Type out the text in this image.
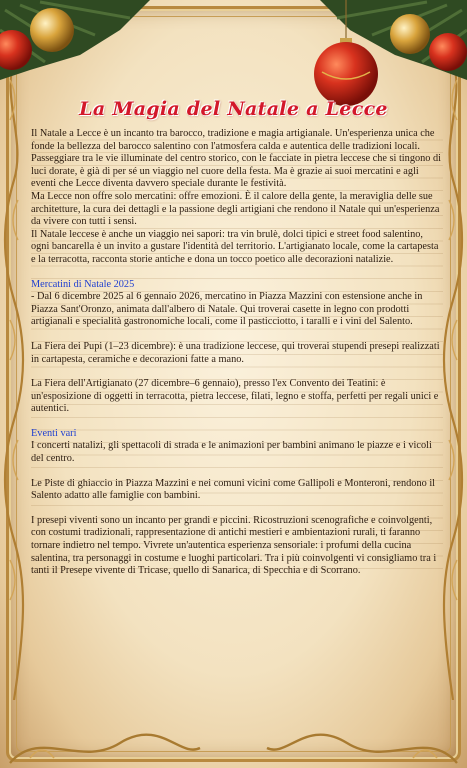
La Magia del Natale a Lecce

Il Natale a Lecce è un incanto tra barocco, tradizione e magia artigianale. Un'esperienza unica che fonde la bellezza del barocco salentino con l'atmosfera calda e autentica delle tradizioni locali.

Passeggiare tra le vie illuminate del centro storico, con le facciate in pietra leccese che si tingono di luci dorate, è già di per sé un viaggio nel cuore della festa. Ma è grazie ai suoi mercatini e agli eventi che Lecce diventa davvero speciale durante le festività.

Ma Lecce non offre solo mercatini: offre emozioni. È il calore della gente, la meraviglia delle sue architetture, la cura dei dettagli e la passione degli artigiani che rendono il Natale qui un'esperienza da vivere con tutti i sensi.

Il Natale leccese è anche un viaggio nei sapori: tra vin brulè, dolci tipici e street food salentino, ogni bancarella è un invito a gustare l'identità del territorio. L'artigianato locale, come la cartapesta e la terracotta, racconta storie antiche e dona un tocco poetico alle decorazioni natalizie.

Mercatini di Natale 2025

- Dal 6 dicembre 2025 al 6 gennaio 2026, mercatino in Piazza Mazzini con estensione anche in Piazza Sant'Oronzo, animata dall'albero di Natale. Qui troverai casette in legno con prodotti artigianali e specialità gastronomiche locali, come il pasticciotto, i taralli e i vini del Salento.

La Fiera dei Pupi (1–23 dicembre): è una tradizione leccese, qui troverai stupendi presepi realizzati in cartapesta, ceramiche e decorazioni fatte a mano.

La Fiera dell'Artigianato (27 dicembre–6 gennaio), presso l'ex Convento dei Teatini: è un'esposizione di oggetti in terracotta, pietra leccese, filati, legno e stoffa, perfetti per regali unici e autentici.

Eventi vari

I concerti natalizi, gli spettacoli di strada e le animazioni per bambini animano le piazze e i vicoli del centro.

Le Piste di ghiaccio in Piazza Mazzini e nei comuni vicini come Gallipoli e Monteroni, rendono il Salento adatto alle famiglie con bambini.

I presepi viventi sono un incanto per grandi e piccini. Ricostruzioni scenografiche e coinvolgenti, con costumi tradizionali, rappresentazione di antichi mestieri e ambientazioni rurali, ti faranno tornare indietro nel tempo. Vivrete un'autentica esperienza sensoriale: i profumi della cucina salentina, tra personaggi in costume e luoghi particolari. Tra i più coinvolgenti vi consigliamo tra i tanti il Presepe vivente di Tricase, quello di Sanarica, di Specchia e di Scorrano.
